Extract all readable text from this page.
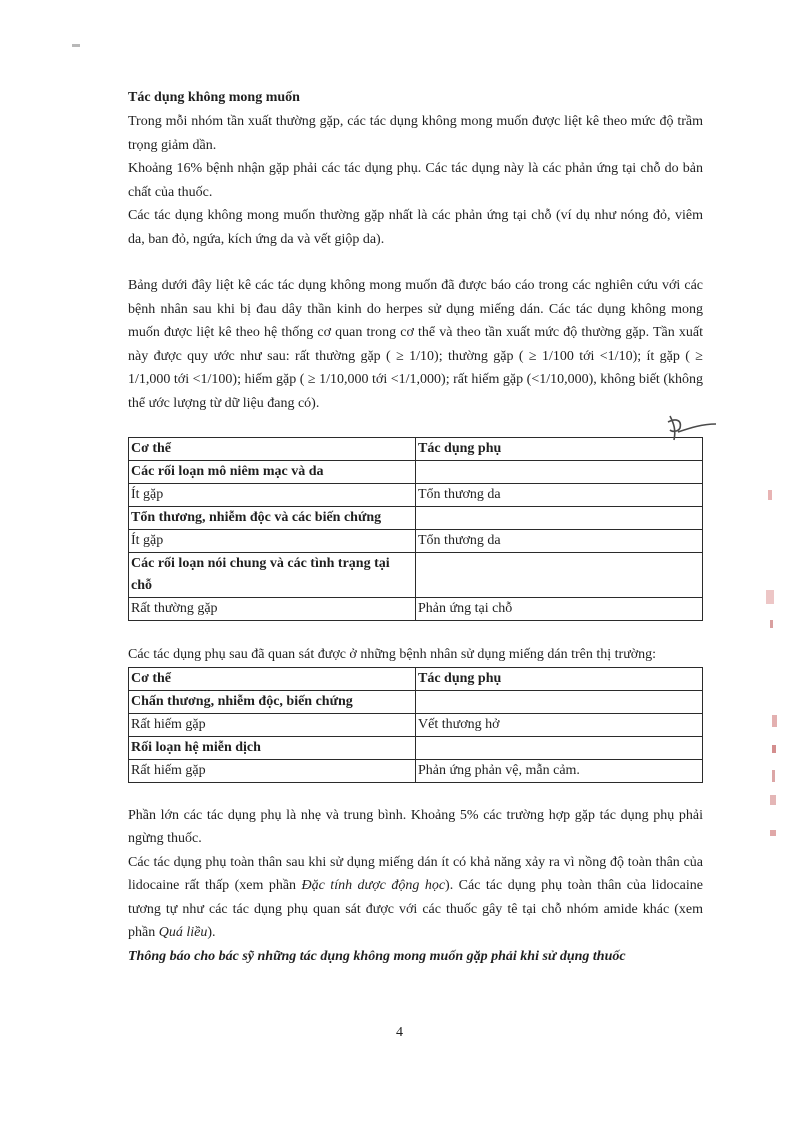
Tác dụng không mong muốn

Trong mỗi nhóm tần xuất thường gặp, các tác dụng không mong muốn được liệt kê theo mức độ trầm trọng giảm dần.

Khoảng 16% bệnh nhận gặp phải các tác dụng phụ. Các tác dụng này là các phản ứng tại chỗ do bản chất của thuốc.

Các tác dụng không mong muốn thường gặp nhất là các phản ứng tại chỗ (ví dụ như nóng đỏ, viêm da, ban đỏ, ngứa, kích ứng da và vết giộp da).

Bảng dưới đây liệt kê các tác dụng không mong muốn đã được báo cáo trong các nghiên cứu với các bệnh nhân sau khi bị đau dây thần kinh do herpes sử dụng miếng dán. Các tác dụng không mong muốn được liệt kê theo hệ thống cơ quan trong cơ thể và theo tần xuất mức độ thường gặp. Tần xuất này được quy ước như sau: rất thường gặp ( ≥ 1/10); thường gặp ( ≥ 1/100 tới <1/10); ít gặp ( ≥ 1/1,000 tới <1/100); hiếm gặp ( ≥ 1/10,000 tới <1/1,000); rất hiếm gặp (<1/10,000), không biết (không thể ước lượng từ dữ liệu đang có).

Cơ thể	Tác dụng phụ
Các rối loạn mô niêm mạc và da	
Ít gặp	Tổn thương da
Tổn thương, nhiễm độc và các biến chứng	
Ít gặp	Tổn thương da
Các rối loạn nói chung và các tình trạng tại chỗ	
Rất thường gặp	Phản ứng tại chỗ

Các tác dụng phụ sau đã quan sát được ở những bệnh nhân sử dụng miếng dán trên thị trường:

Cơ thể	Tác dụng phụ
Chấn thương, nhiễm độc, biến chứng	
Rất hiếm gặp	Vết thương hở
Rối loạn hệ miễn dịch	
Rất hiếm gặp	Phản ứng phản vệ, mẫn cảm.

Phần lớn các tác dụng phụ là nhẹ và trung bình. Khoảng 5% các trường hợp gặp tác dụng phụ phải ngừng thuốc.

Các tác dụng phụ toàn thân sau khi sử dụng miếng dán ít có khả năng xảy ra vì nồng độ toàn thân của lidocaine rất thấp (xem phần Đặc tính dược động học). Các tác dụng phụ toàn thân của lidocaine tương tự như các tác dụng phụ quan sát được với các thuốc gây tê tại chỗ nhóm amide khác (xem phần Quá liều).

Thông báo cho bác sỹ những tác dụng không mong muốn gặp phải khi sử dụng thuốc

4
